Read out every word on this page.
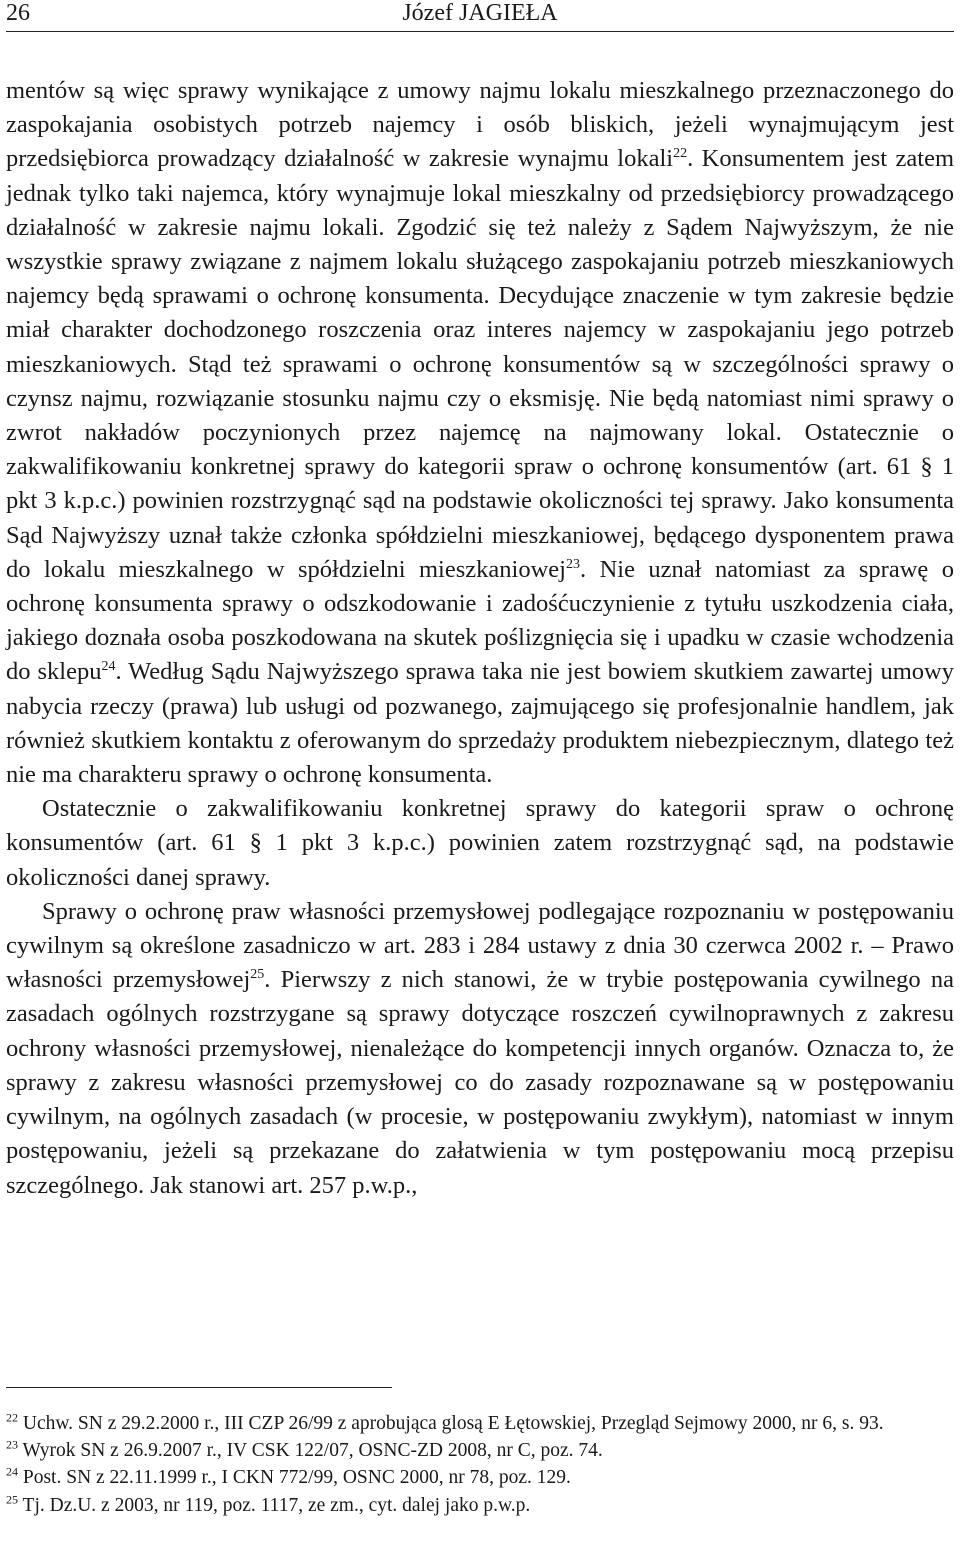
26	Józef JAGIEŁA

mentów są więc sprawy wynikające z umowy najmu lokalu mieszkalnego przeznaczonego do zaspokajania osobistych potrzeb najemcy i osób bliskich, jeżeli wynajmującym jest przedsiębiorca prowadzący działalność w zakresie wynajmu lokali$^{22}$. Konsumentem jest zatem jednak tylko taki najemca, który wynajmuje lokal mieszkalny od przedsiębiorcy prowadzącego działalność w zakresie najmu lokali. Zgodzić się też należy z Sądem Najwyższym, że nie wszystkie sprawy związane z najmem lokalu służącego zaspokajaniu potrzeb mieszkaniowych najemcy będą sprawami o ochronę konsumenta. Decydujące znaczenie w tym zakresie będzie miał charakter dochodzonego roszczenia oraz interes najemcy w zaspokajaniu jego potrzeb mieszkaniowych. Stąd też sprawami o ochronę konsumentów są w szczególności sprawy o czynsz najmu, rozwiązanie stosunku najmu czy o eksmisję. Nie będą natomiast nimi sprawy o zwrot nakładów poczynionych przez najemcę na najmowany lokal. Ostatecznie o zakwalifikowaniu konkretnej sprawy do kategorii spraw o ochronę konsumentów (art. 61 § 1 pkt 3 k.p.c.) powinien rozstrzygnąć sąd na podstawie okoliczności tej sprawy. Jako konsumenta Sąd Najwyższy uznał także członka spółdzielni mieszkaniowej, będącego dysponentem prawa do lokalu mieszkalnego w spółdzielni mieszkaniowej$^{23}$. Nie uznał natomiast za sprawę o ochronę konsumenta sprawy o odszkodowanie i zadośćuczynienie z tytułu uszkodzenia ciała, jakiego doznała osoba poszkodowana na skutek poślizgnięcia się i upadku w czasie wchodzenia do sklepu$^{24}$. Według Sądu Najwyższego sprawa taka nie jest bowiem skutkiem zawartej umowy nabycia rzeczy (prawa) lub usługi od pozwanego, zajmującego się profesjonalnie handlem, jak również skutkiem kontaktu z oferowanym do sprzedaży produktem niebezpiecznym, dlatego też nie ma charakteru sprawy o ochronę konsumenta.

Ostatecznie o zakwalifikowaniu konkretnej sprawy do kategorii spraw o ochronę konsumentów (art. 61 § 1 pkt 3 k.p.c.) powinien zatem rozstrzygnąć sąd, na podstawie okoliczności danej sprawy.

Sprawy o ochronę praw własności przemysłowej podlegające rozpoznaniu w postępowaniu cywilnym są określone zasadniczo w art. 283 i 284 ustawy z dnia 30 czerwca 2002 r. – Prawo własności przemysłowej$^{25}$. Pierwszy z nich stanowi, że w trybie postępowania cywilnego na zasadach ogólnych rozstrzygane są sprawy dotyczące roszczeń cywilnoprawnych z zakresu ochrony własności przemysłowej, nienależące do kompetencji innych organów. Oznacza to, że sprawy z zakresu własności przemysłowej co do zasady rozpoznawane są w postępowaniu cywilnym, na ogólnych zasadach (w procesie, w postępowaniu zwykłym), natomiast w innym postępowaniu, jeżeli są przekazane do załatwienia w tym postępowaniu mocą przepisu szczególnego. Jak stanowi art. 257 p.w.p.,

$^{22}$ Uchw. SN z 29.2.2000 r., III CZP 26/99 z aprobująca glosą E Łętowskiej, Przegląd Sejmowy 2000, nr 6, s. 93.
$^{23}$ Wyrok SN z 26.9.2007 r., IV CSK 122/07, OSNC-ZD 2008, nr C, poz. 74.
$^{24}$ Post. SN z 22.11.1999 r., I CKN 772/99, OSNC 2000, nr 78, poz. 129.
$^{25}$ Tj. Dz.U. z 2003, nr 119, poz. 1117, ze zm., cyt. dalej jako p.w.p.
